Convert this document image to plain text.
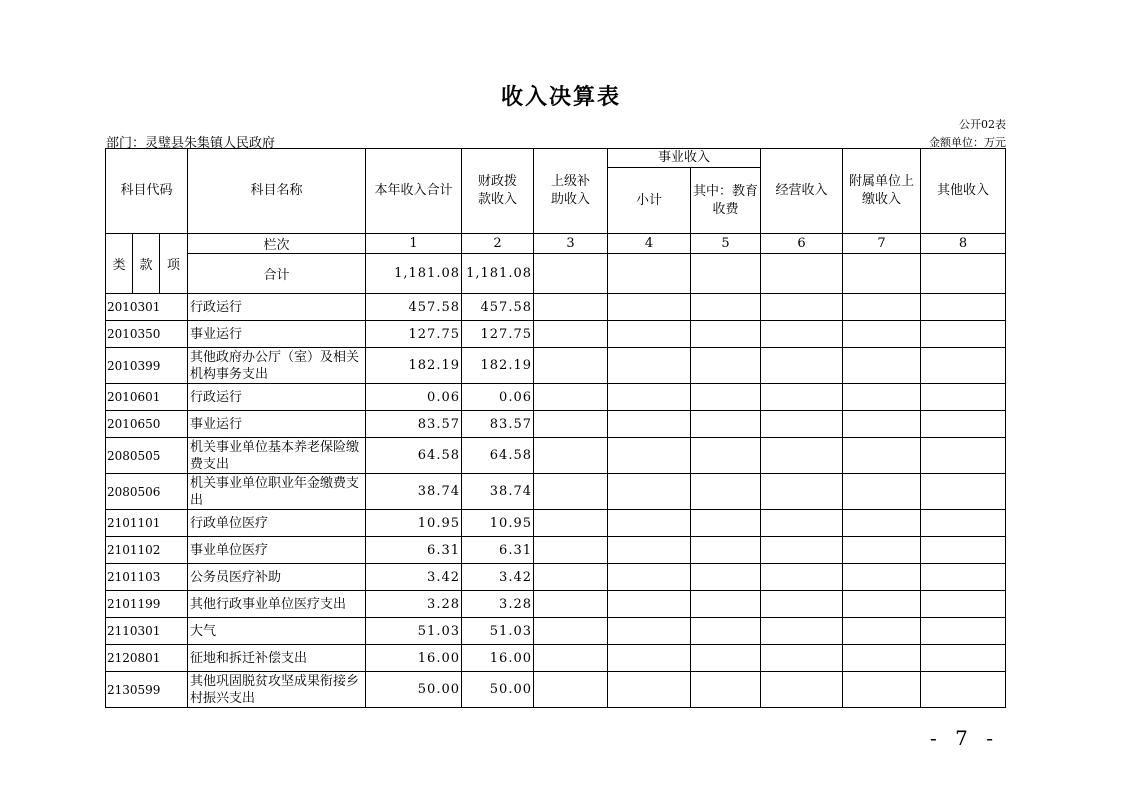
收入决算表
公开02表
部门：灵璧县朱集镇人民政府	金额单位：万元
科目代码			科目名称	本年收入合计	财政拨款收入	上级补助收入	事业收入		经营收入	附属单位上缴收入	其他收入
							小计	其中：教育收费			
类	款	项	栏次	1	2	3	4	5	6	7	8
			合计	1,181.08	1,181.08						
2010301			行政运行	457.58	457.58						
2010350			事业运行	127.75	127.75						
2010399			其他政府办公厅（室）及相关机构事务支出	182.19	182.19						
2010601			行政运行	0.06	0.06						
2010650			事业运行	83.57	83.57						
2080505			机关事业单位基本养老保险缴费支出	64.58	64.58						
2080506			机关事业单位职业年金缴费支出	38.74	38.74						
2101101			行政单位医疗	10.95	10.95						
2101102			事业单位医疗	6.31	6.31						
2101103			公务员医疗补助	3.42	3.42						
2101199			其他行政事业单位医疗支出	3.28	3.28						
2110301			大气	51.03	51.03						
2120801			征地和拆迁补偿支出	16.00	16.00						
2130599			其他巩固脱贫攻坚成果衔接乡村振兴支出	50.00	50.00						
- 7 -
